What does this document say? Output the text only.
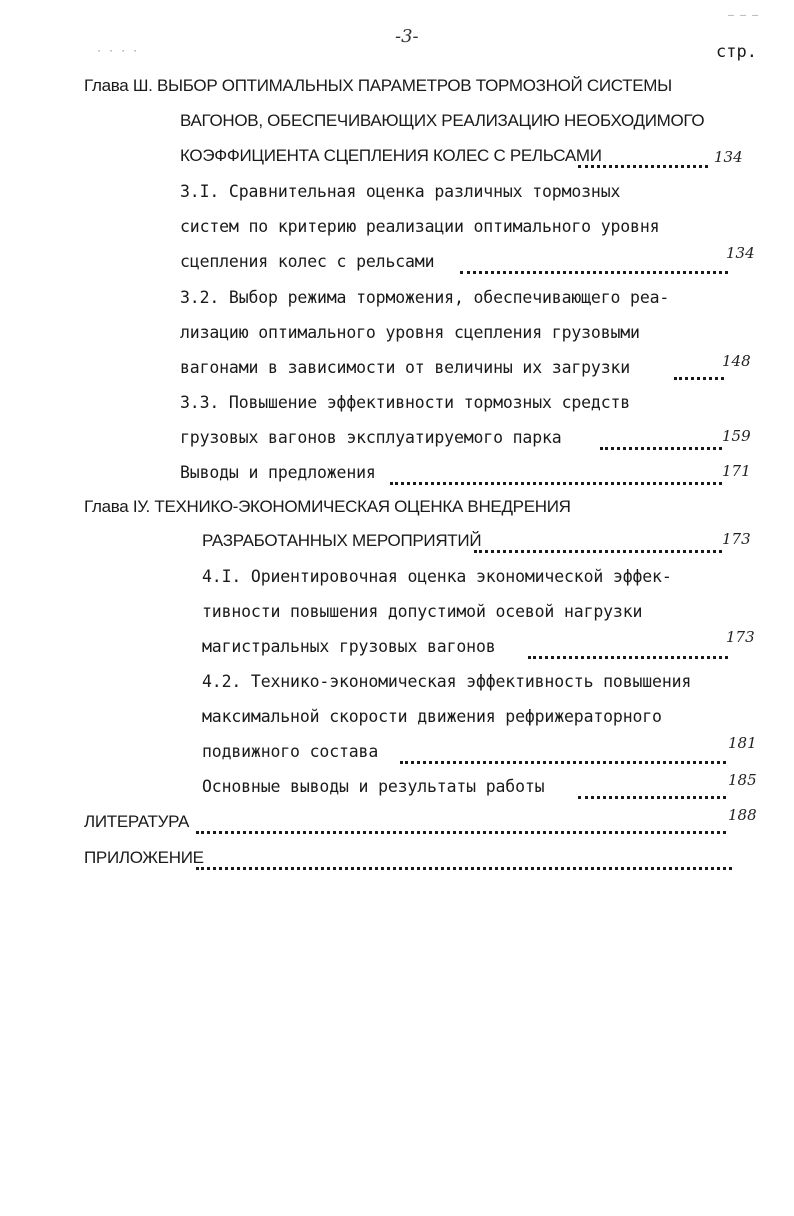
-3-
стр.
Глава Ш. ВЫБОР ОПТИМАЛЬНЫХ ПАРАМЕТРОВ ТОРМОЗНОЙ СИСТЕМЫ
ВАГОНОВ, ОБЕСПЕЧИВАЮЩИХ РЕАЛИЗАЦИЮ НЕОБХОДИМОГО
КОЭФФИЦИЕНТА СЦЕПЛЕНИЯ КОЛЕС С РЕЛЬСАМИ	134
3.I. Сравнительная оценка различных тормозных
систем по критерию реализации оптимального уровня
сцепления колес с рельсами	134
3.2. Выбор режима торможения, обеспечивающего реа-
лизацию оптимального уровня сцепления грузовыми
вагонами в зависимости от величины их загрузки	148
3.3. Повышение эффективности тормозных средств
грузовых вагонов эксплуатируемого парка	159
Выводы и предложения	171
Глава IУ. ТЕХНИКО-ЭКОНОМИЧЕСКАЯ ОЦЕНКА ВНЕДРЕНИЯ
РАЗРАБОТАННЫХ МЕРОПРИЯТИЙ	173
4.I. Ориентировочная оценка экономической эффек-
тивности повышения допустимой осевой нагрузки
магистральных грузовых вагонов	173
4.2. Технико-экономическая эффективность повышения
максимальной скорости движения рефрижераторного
подвижного состава	181
Основные выводы и результаты работы	185
ЛИТЕРАТУРА	188
ПРИЛОЖЕНИЕ
· · · ·
‒ ‒ ‒
